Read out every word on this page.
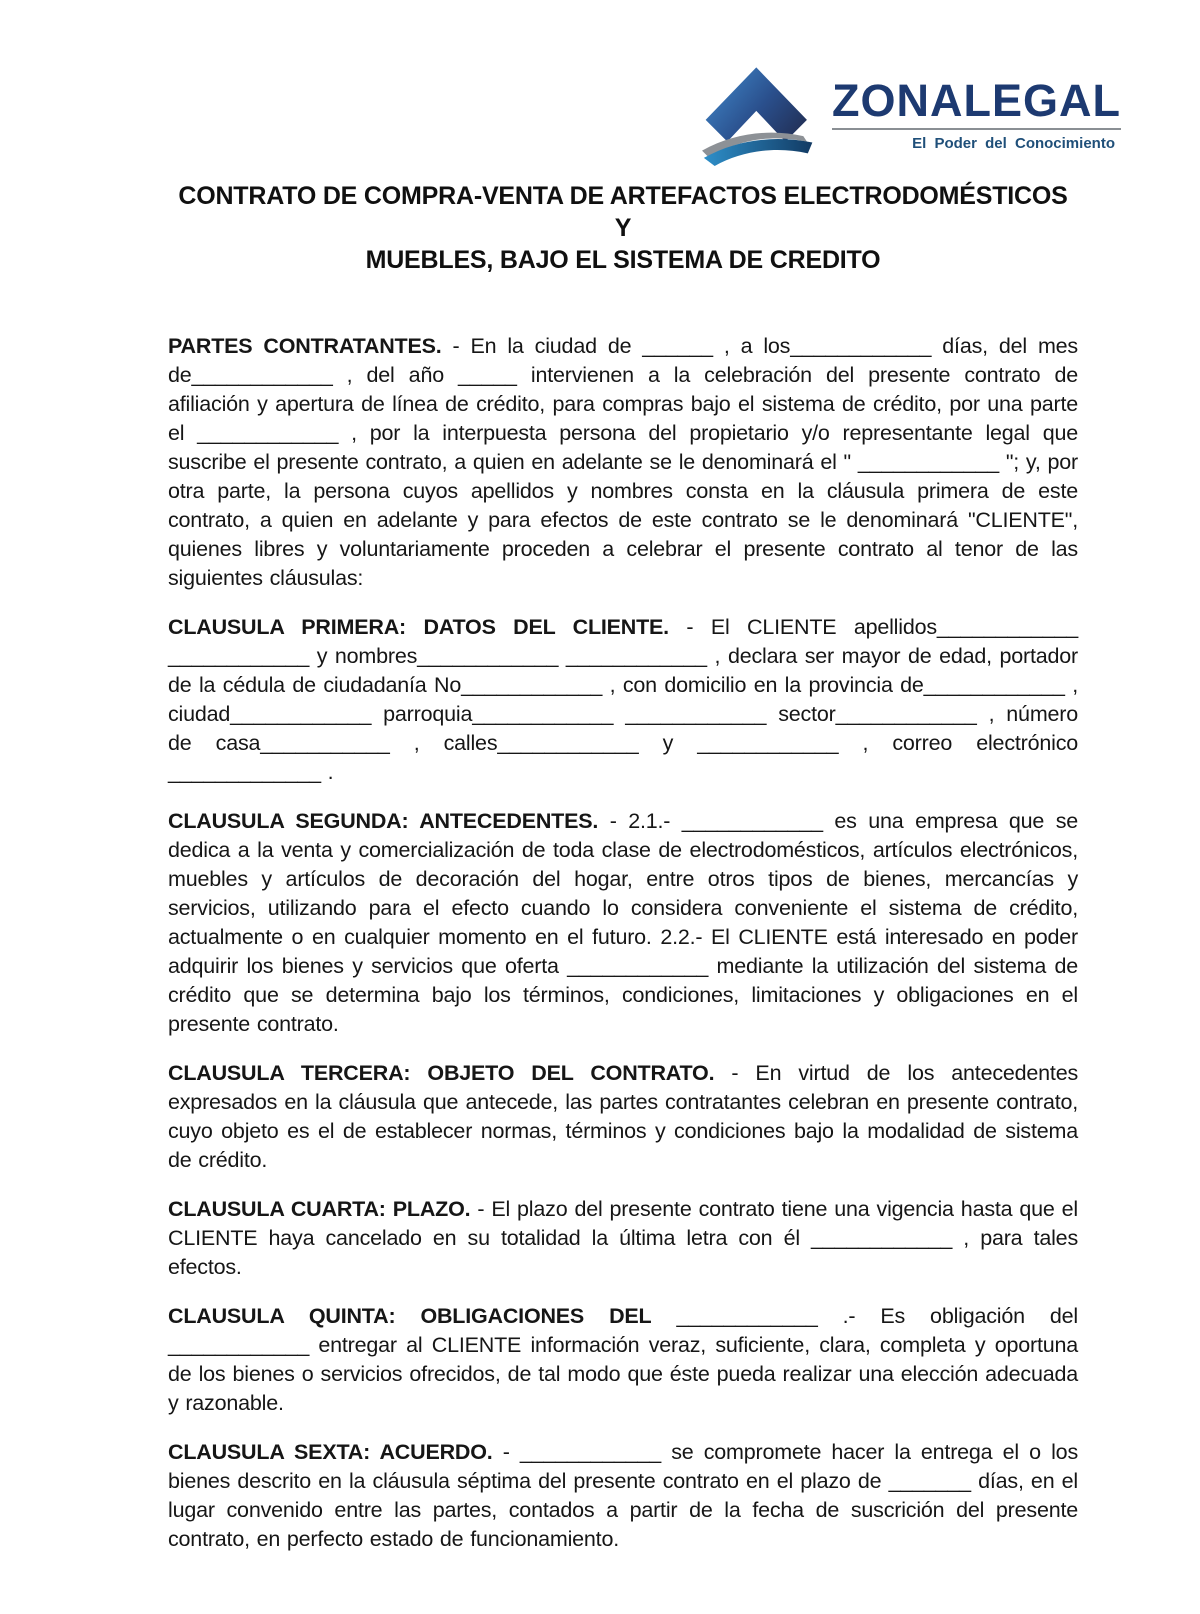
ZONALEGAL
El Poder del Conocimiento
CONTRATO DE COMPRA-VENTA DE ARTEFACTOS ELECTRODOMÉSTICOS Y
MUEBLES, BAJO EL SISTEMA DE CREDITO

PARTES CONTRATANTES. - En la ciudad de ______ , a los____________ días, del mes de____________ , del año _____ intervienen a la celebración del presente contrato de afiliación y apertura de línea de crédito, para compras bajo el sistema de crédito, por una parte el ____________ , por la interpuesta persona del propietario y/o representante legal que suscribe el presente contrato, a quien en adelante se le denominará el " ____________ "; y, por otra parte, la persona cuyos apellidos y nombres consta en la cláusula primera de este contrato, a quien en adelante y para efectos de este contrato se le denominará "CLIENTE", quienes libres y voluntariamente proceden a celebrar el presente contrato al tenor de las siguientes cláusulas:

CLAUSULA PRIMERA: DATOS DEL CLIENTE. - El CLIENTE apellidos____________ ____________ y nombres____________ ____________ , declara ser mayor de edad, portador de la cédula de ciudadanía No____________ , con domicilio en la provincia de____________ , ciudad____________ parroquia____________ ____________ sector____________ , número de casa___________ , calles____________ y ____________ , correo electrónico _____________ .

CLAUSULA SEGUNDA: ANTECEDENTES. - 2.1.- ____________ es una empresa que se dedica a la venta y comercialización de toda clase de electrodomésticos, artículos electrónicos, muebles y artículos de decoración del hogar, entre otros tipos de bienes, mercancías y servicios, utilizando para el efecto cuando lo considera conveniente el sistema de crédito, actualmente o en cualquier momento en el futuro. 2.2.- El CLIENTE está interesado en poder adquirir los bienes y servicios que oferta ____________ mediante la utilización del sistema de crédito que se determina bajo los términos, condiciones, limitaciones y obligaciones en el presente contrato.

CLAUSULA TERCERA: OBJETO DEL CONTRATO. - En virtud de los antecedentes expresados en la cláusula que antecede, las partes contratantes celebran en presente contrato, cuyo objeto es el de establecer normas, términos y condiciones bajo la modalidad de sistema de crédito.

CLAUSULA CUARTA: PLAZO. - El plazo del presente contrato tiene una vigencia hasta que el CLIENTE haya cancelado en su totalidad la última letra con él ____________ , para tales efectos.

CLAUSULA QUINTA: OBLIGACIONES DEL ____________ .- Es obligación del ____________ entregar al CLIENTE información veraz, suficiente, clara, completa y oportuna de los bienes o servicios ofrecidos, de tal modo que éste pueda realizar una elección adecuada y razonable.

CLAUSULA SEXTA: ACUERDO. - ____________ se compromete hacer la entrega el o los bienes descrito en la cláusula séptima del presente contrato en el plazo de _______ días, en el lugar convenido entre las partes, contados a partir de la fecha de suscrición del presente contrato, en perfecto estado de funcionamiento.
